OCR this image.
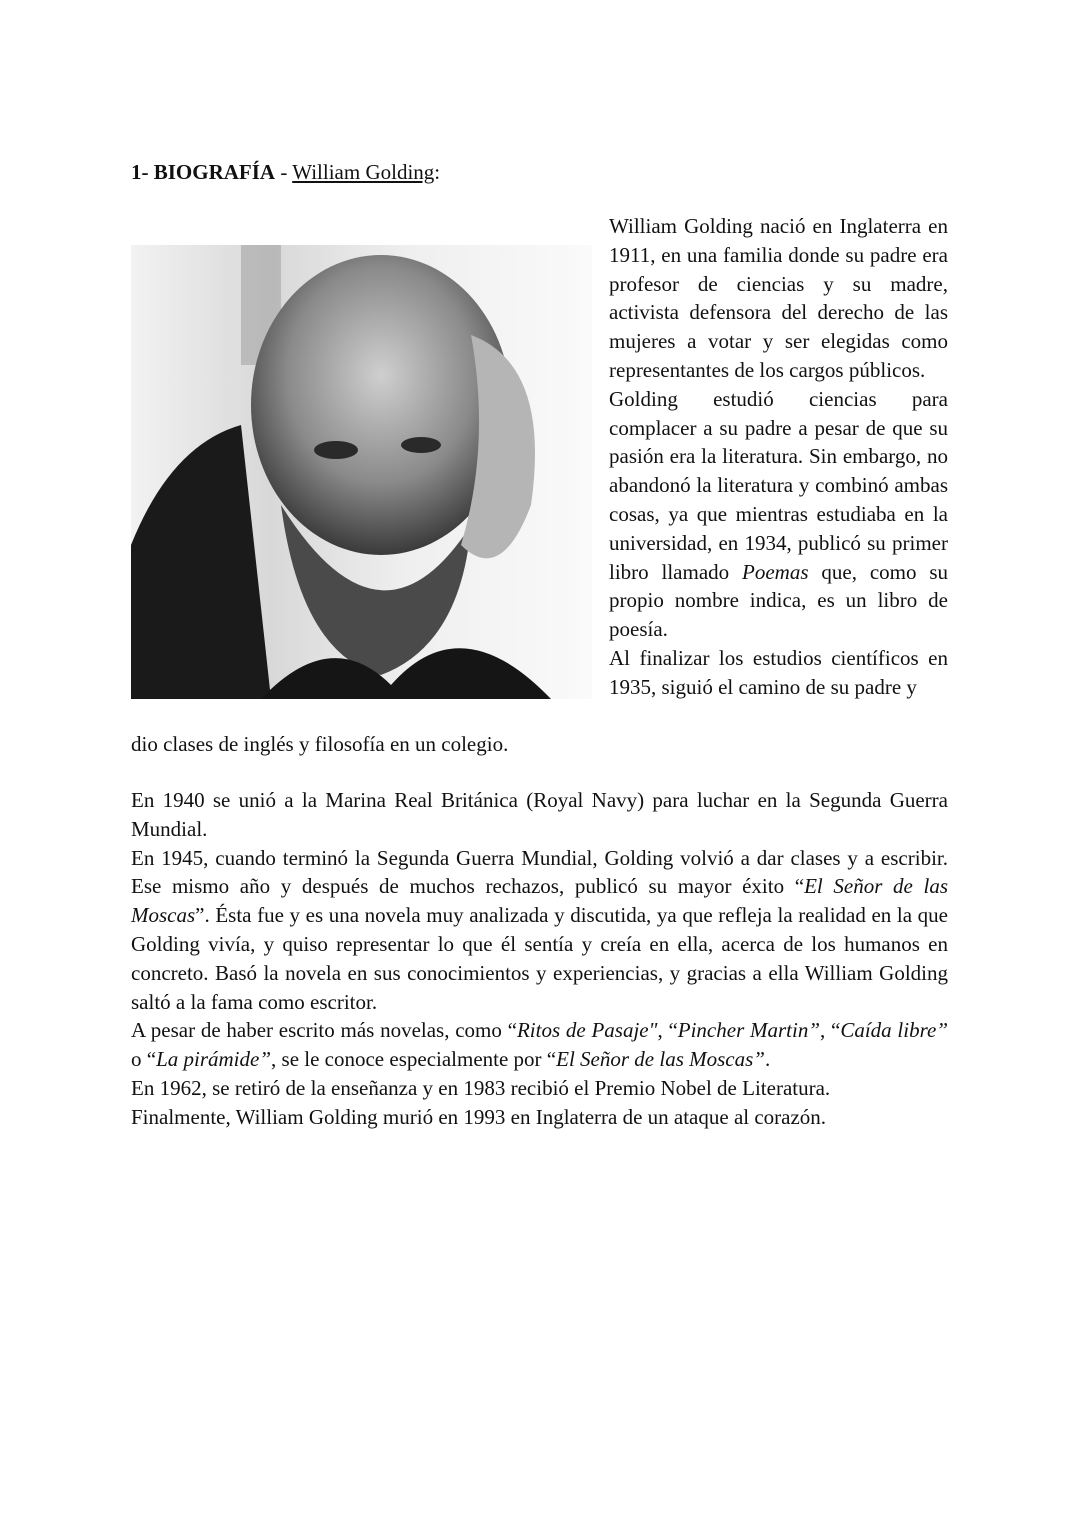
1- BIOGRAFÍA - William Golding:

William Golding nació en Inglaterra en 1911, en una familia donde su padre era profesor de ciencias y su madre, activista defensora del derecho de las mujeres a votar y ser elegidas como representantes de los cargos públicos.

Golding estudió ciencias para complacer a su padre a pesar de que su pasión era la literatura. Sin embargo, no abandonó la literatura y combinó ambas cosas, ya que mientras estudiaba en la universidad, en 1934, publicó su primer libro llamado Poemas que, como su propio nombre indica, es un libro de poesía.

Al finalizar los estudios científicos en 1935, siguió el camino de su padre y

dio clases de inglés y filosofía en un colegio.

En 1940 se unió a la Marina Real Británica (Royal Navy) para luchar en la Segunda Guerra Mundial.

En 1945, cuando terminó la Segunda Guerra Mundial, Golding volvió a dar clases y a escribir. Ese mismo año y después de muchos rechazos, publicó su mayor éxito “El Señor de las Moscas”. Ésta fue y es una novela muy analizada y discutida, ya que refleja la realidad en la que Golding vivía, y quiso representar lo que él sentía y creía en ella, acerca de los humanos en concreto. Basó la novela en sus conocimientos y experiencias, y gracias a ella William Golding saltó a la fama como escritor.

A pesar de haber escrito más novelas, como “Ritos de Pasaje", “Pincher Martin”, “Caída libre” o “La pirámide”, se le conoce especialmente por “El Señor de las Moscas”.

En 1962, se retiró de la enseñanza y en 1983 recibió el Premio Nobel de Literatura.

Finalmente, William Golding murió en 1993 en Inglaterra de un ataque al corazón.
